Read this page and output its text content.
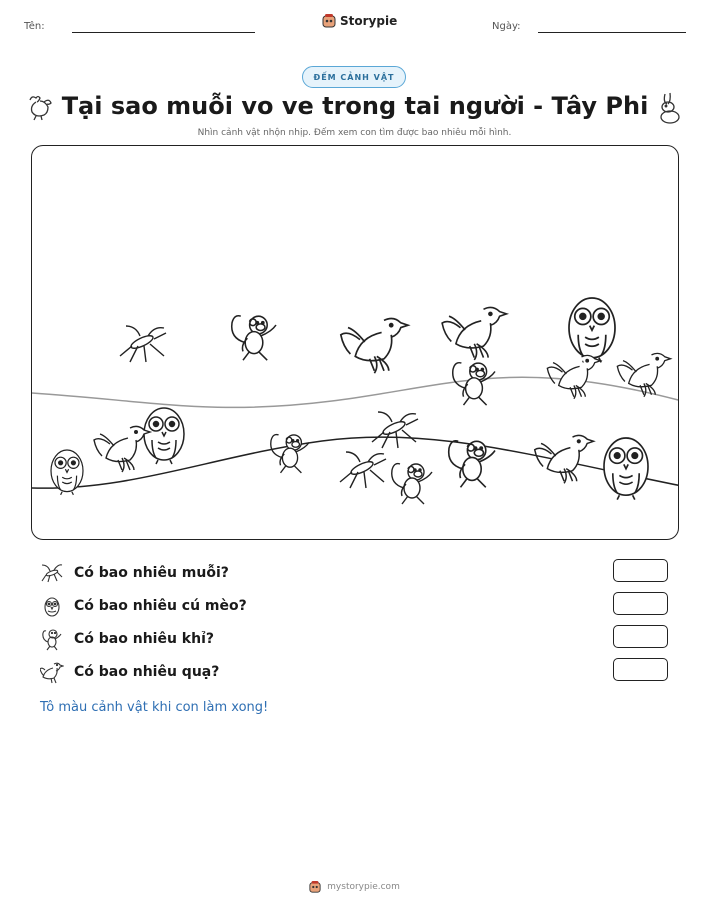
Tên:	Storypie	Ngày:
ĐẾM CẢNH VẬT
Tại sao muỗi vo ve trong tai người - Tây Phi
Nhìn cảnh vật nhộn nhịp. Đếm xem con tìm được bao nhiêu mỗi hình.
Có bao nhiêu muỗi?
Có bao nhiêu cú mèo?
Có bao nhiêu khỉ?
Có bao nhiêu quạ?
Tô màu cảnh vật khi con làm xong!
mystorypie.com
